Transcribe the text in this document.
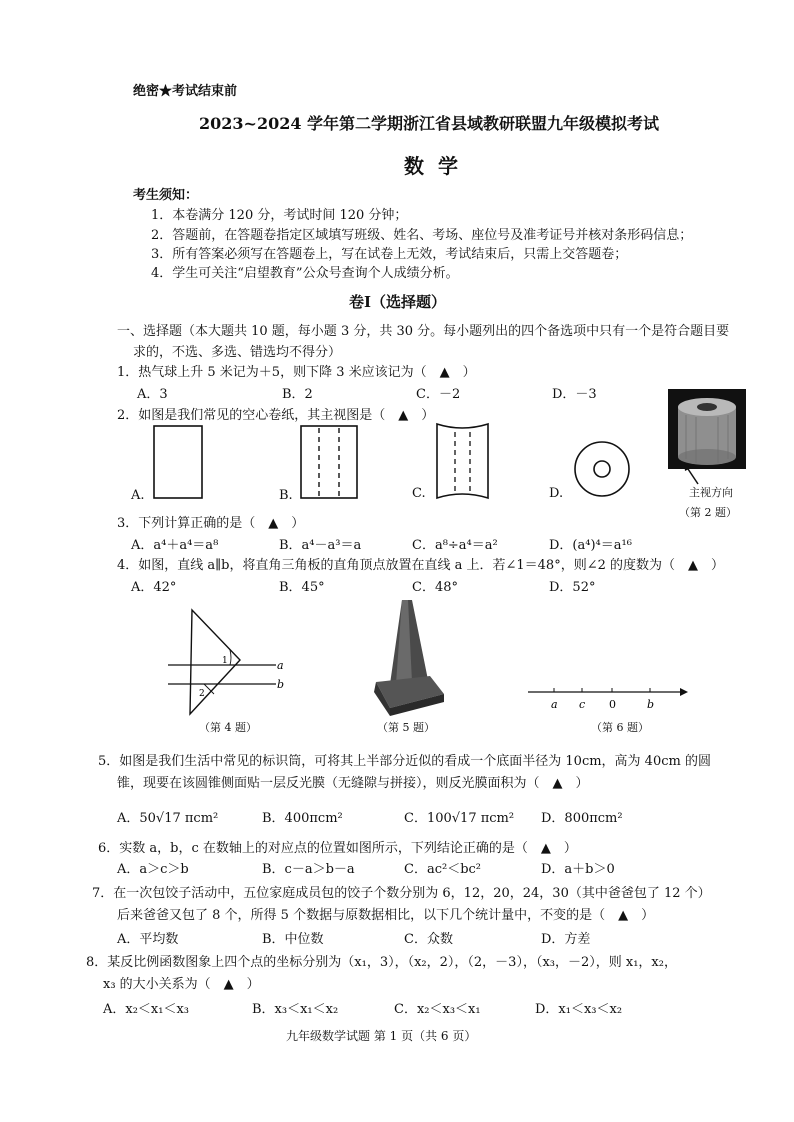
绝密★考试结束前
2023~2024 学年第二学期浙江省县域教研联盟九年级模拟考试
数学
考生须知：
1．本卷满分 120 分，考试时间 120 分钟；
2．答题前，在答题卷指定区域填写班级、姓名、考场、座位号及准考证号并核对条形码信息；
3．所有答案必须写在答题卷上，写在试卷上无效，考试结束后，只需上交答题卷；
4．学生可关注“启望教育”公众号查询个人成绩分析。
卷Ⅰ（选择题）
一、选择题（本大题共 10 题，每小题 3 分，共 30 分。每小题列出的四个备选项中只有一个是符合题目要
求的，不选、多选、错选均不得分）
1．热气球上升 5 米记为＋5，则下降 3 米应该记为（　▲　）
A．3	B．2	C．－2	D．－3
2．如图是我们常见的空心卷纸，其主视图是（　▲　）
A.	B.	C.	D.	主视方向
（第 2 题）
3．下列计算正确的是（　▲　）
A．a⁴＋a⁴＝a⁸	B．a⁴－a³＝a	C．a⁸÷a⁴＝a²	D．(a⁴)⁴＝a¹⁶
4．如图，直线 a∥b，将直角三角板的直角顶点放置在直线 a 上．若∠1＝48°，则∠2 的度数为（　▲　）
A．42°	B．45°	C．48°	D．52°
1
2
a
b
（第 4 题）	（第 5 题）
a c 0	b
（第 6 题）
5．如图是我们生活中常见的标识筒，可将其上半部分近似的看成一个底面半径为 10cm，高为 40cm 的圆
锥，现要在该圆锥侧面贴一层反光膜（无缝隙与拼接），则反光膜面积为（　▲　）
A．50√17 πcm²	B．400πcm²	C．100√17 πcm² D．800πcm²
6．实数 a，b，c 在数轴上的对应点的位置如图所示，下列结论正确的是（　▲　）
A．a＞c＞b	B．c－a＞b－a	C．ac²＜bc²	D．a＋b＞0
7．在一次包饺子活动中，五位家庭成员包的饺子个数分别为 6，12，20，24，30（其中爸爸包了 12 个）
后来爸爸又包了 8 个，所得 5 个数据与原数据相比，以下几个统计量中，不变的是（　▲　）
A．平均数	B．中位数	C．众数	D．方差
8．某反比例函数图象上四个点的坐标分别为（x₁，3），（x₂，2），（2，－3），（x₃，－2），则 x₁，x₂，
x₃ 的大小关系为（　▲　）
A．x₂＜x₁＜x₃	B．x₃＜x₁＜x₂	C．x₂＜x₃＜x₁	D．x₁＜x₃＜x₂
九年级数学试题 第 1 页（共 6 页）
